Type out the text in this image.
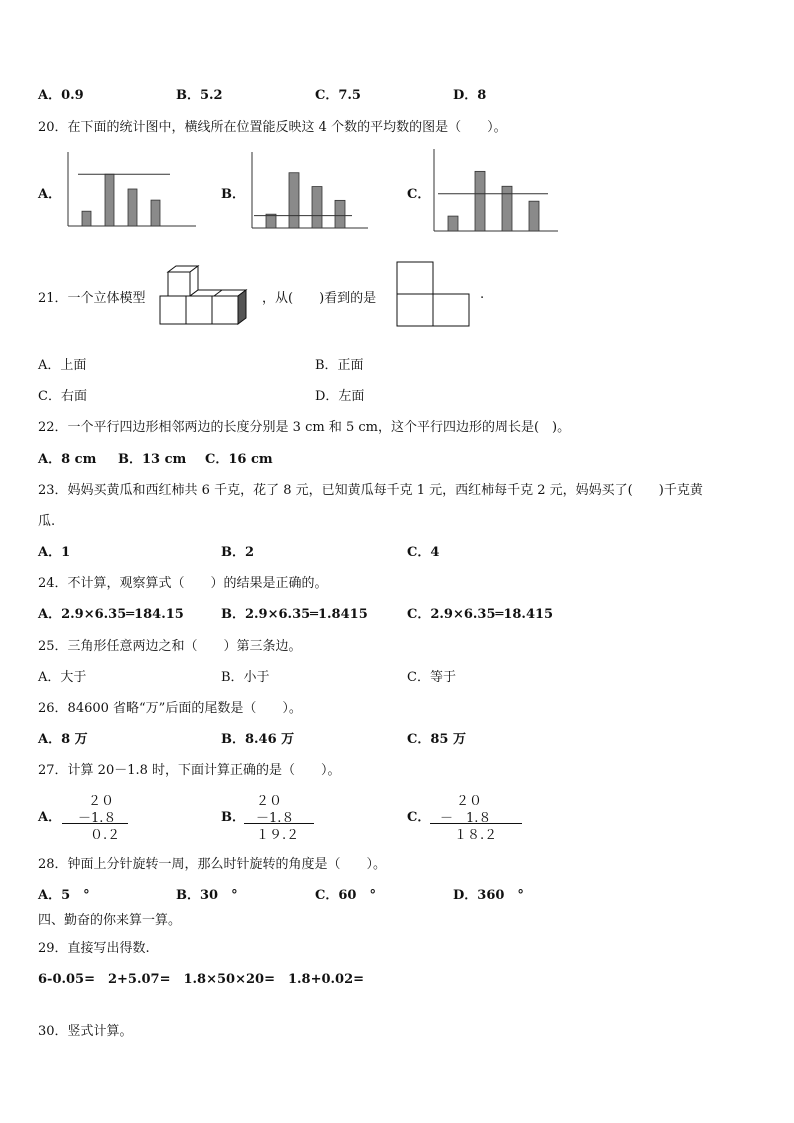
A．0.9	B．5.2	C．7.5	D．8
20．在下面的统计图中，横线所在位置能反映这 4 个数的平均数的图是（　　）。
A．	B．	C．
21．一个立体模型	，从(　　)看到的是	.
A．上面	B．正面
C．右面	D．左面
22．一个平行四边形相邻两边的长度分别是 3 cm 和 5 cm，这个平行四边形的周长是(　)。
A．8 cm B．13 cm C．16 cm
23．妈妈买黄瓜和西红柿共 6 千克，花了 8 元，已知黄瓜每千克 1 元，西红柿每千克 2 元，妈妈买了(　　)千克黄
瓜.
A．1	B．2	C．4
24．不计算，观察算式（　　）的结果是正确的。
A．2.9×6.35═184.15	B．2.9×6.35═1.8415	C．2.9×6.35═18.415
25．三角形任意两边之和（　　）第三条边。
A．大于	B．小于	C．等于
26．84600 省略“万”后面的尾数是（　　）。
A．8 万	B．8.46 万	C．85 万
27．计算 20－1.8 时，下面计算正确的是（　　）。
A．
２０
－1.８
０.２
B．
２０
－1.８
１９.２
C．
２０
－　1.８
１８.２
28．钟面上分针旋转一周，那么时针旋转的角度是（　　）。
A．5　°	B．30　°	C．60　°	D．360　°
四、勤奋的你来算一算。
29．直接写出得数.
6-0.05=　2+5.07=　1.8×50×20=　1.8+0.02=
30．竖式计算。
